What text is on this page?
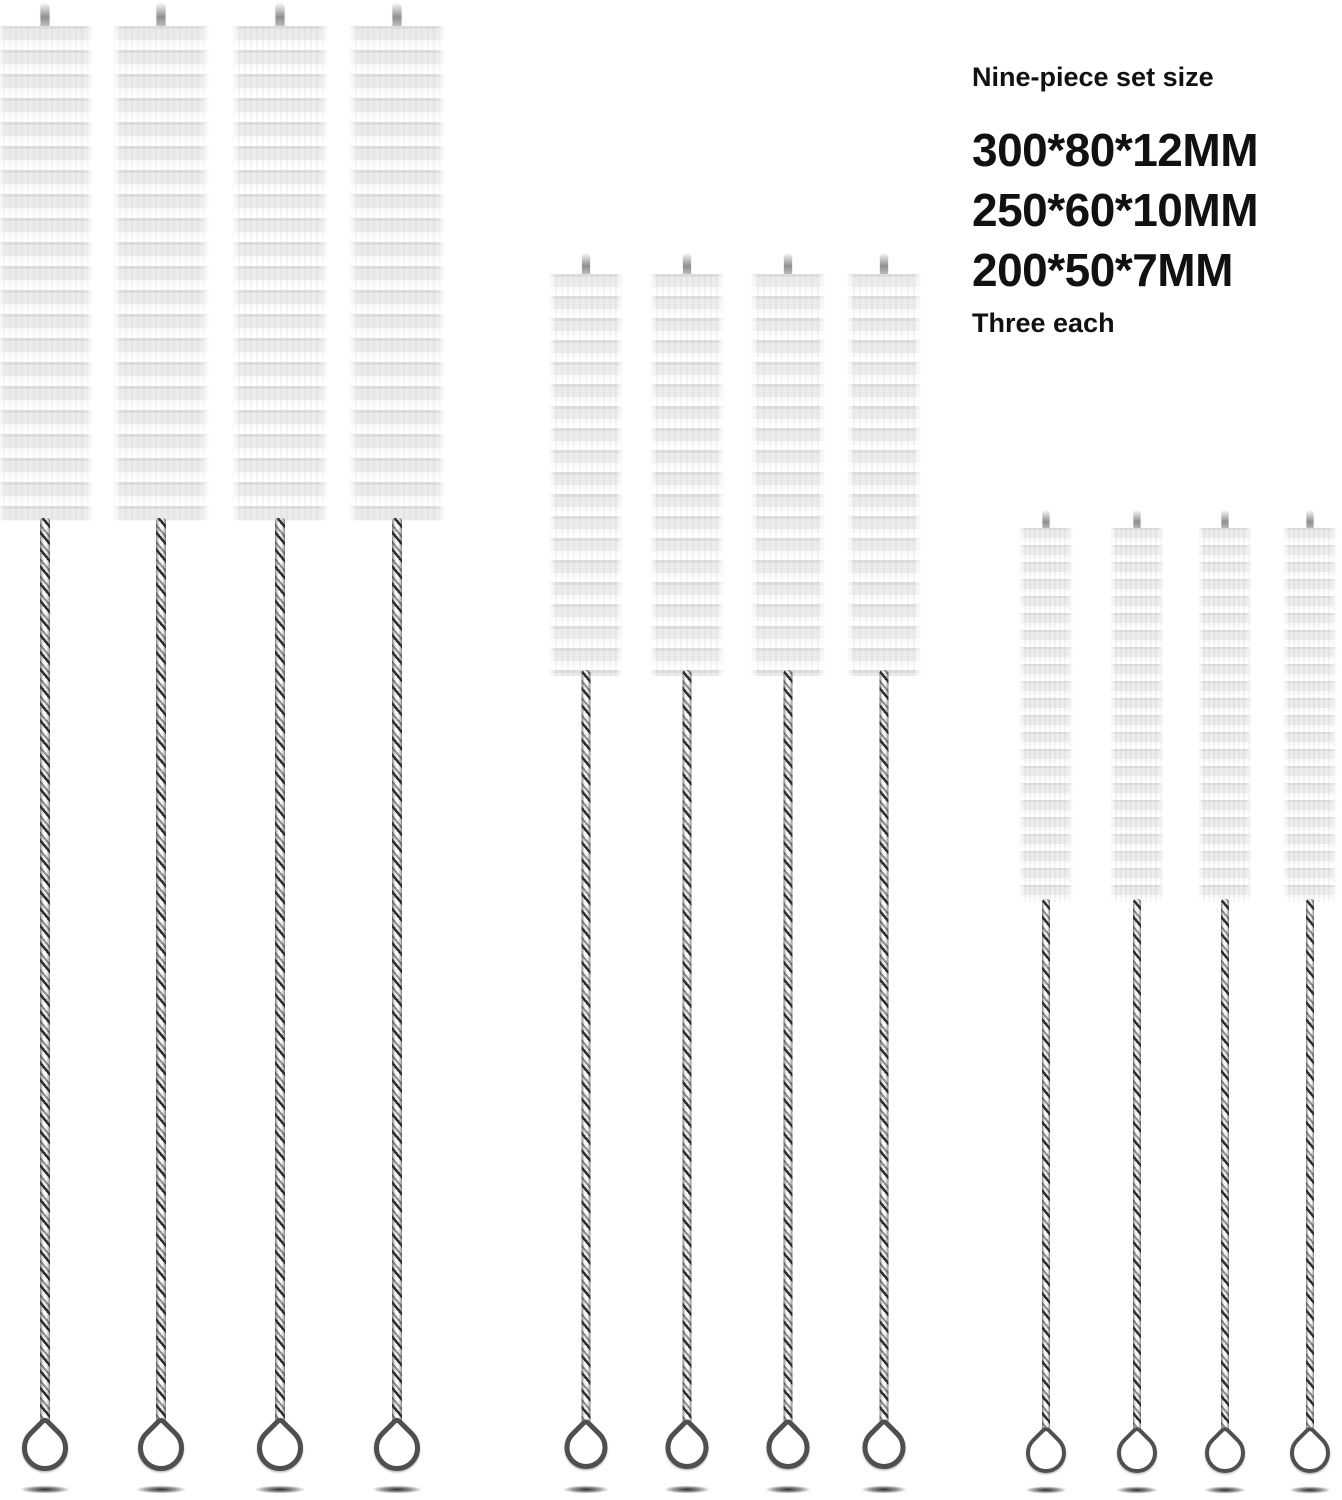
Nine-piece set size
300*80*12MM
250*60*10MM
200*50*7MM
Three each
